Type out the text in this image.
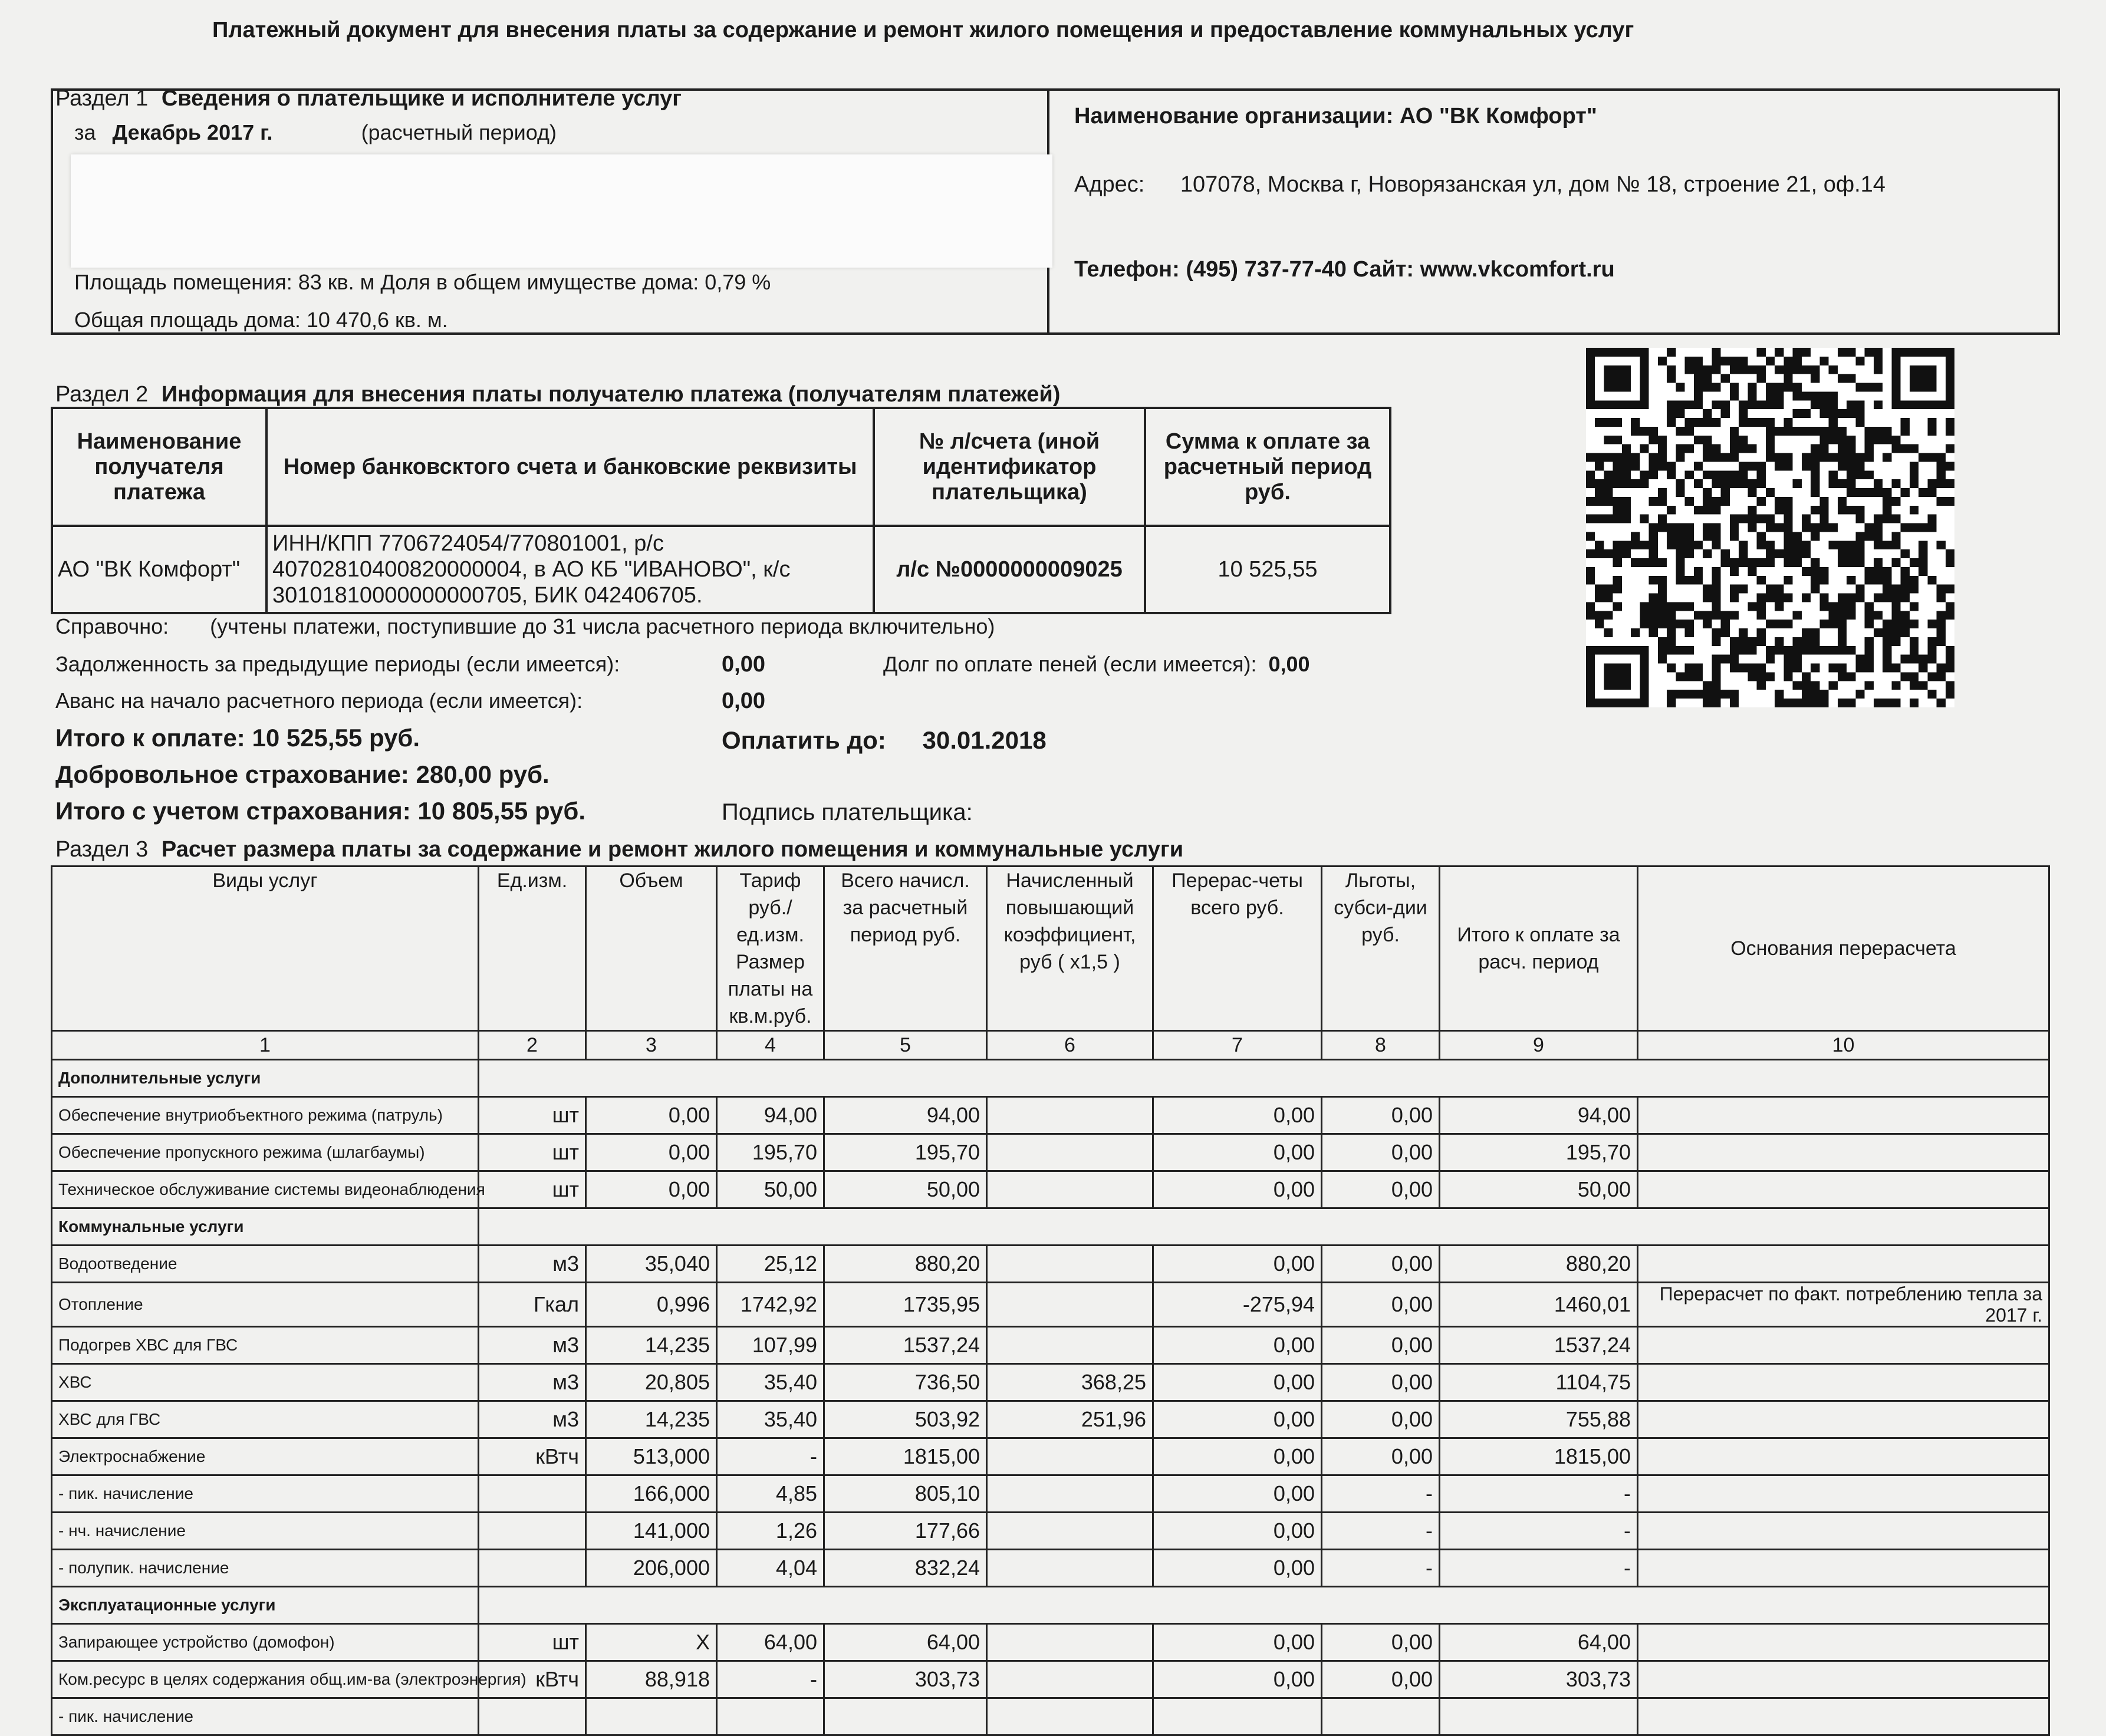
Платежный документ для внесения платы за содержание и ремонт жилого помещения и предоставление коммунальных услуг
Раздел 1 Сведения о плательщике и исполнителе услуг
за Декабрь 2017 г.	(расчетный период)
Площадь помещения: 83 кв. м Доля в общем имуществе дома: 0,79 %
Общая площадь дома: 10 470,6 кв. м.
Наименование организации: АО "ВК Комфорт"
Адрес: 107078, Москва г, Новорязанская ул, дом № 18, строение 21, оф.14
Телефон: (495) 737-77-40 Сайт: www.vkcomfort.ru
Раздел 2 Информация для внесения платы получателю платежа (получателям платежей)
Наименование получателя платежа	Номер банковсктого счета и банковские реквизиты	№ л/счета (иной идентификатор плательщика)	Сумма к оплате за расчетный период руб.
АО "ВК Комфорт"	ИНН/КПП 7706724054/770801001, р/с 40702810400820000004, в АО КБ "ИВАНОВО", к/с 30101810000000000705, БИК 042406705.	л/с №0000000009025	10 525,55
Справочно: (учтены платежи, поступившие до 31 числа расчетного периода включительно)
Задолженность за предыдущие периоды (если имеется):	0,00	Долг по оплате пеней (если имеется): 0,00
Аванс на начало расчетного периода (если имеется):	0,00
Итого к оплате: 10 525,55 руб.	Оплатить до: 30.01.2018
Добровольное страхование: 280,00 руб.
Итого с учетом страхования: 10 805,55 руб.	Подпись плательщика:
Раздел 3 Расчет размера платы за содержание и ремонт жилого помещения и коммунальные услуги
Виды услуг	Ед.изм.	Объем	Тариф руб./ед.изм. Размер платы на кв.м.руб.	Всего начисл. за расчетный период руб.	Начисленный повышающий коэффициент, руб ( х1,5 )	Перерас-четы всего руб.	Льготы, субси-дии руб.	Итого к оплате за расч. период	Основания перерасчета
1	2	3	4	5	6	7	8	9	10
Дополнительные услуги									
Обеспечение внутриобъектного режима (патруль)	шт	0,00	94,00	94,00		0,00	0,00	94,00	
Обеспечение пропускного режима (шлагбаумы)	шт	0,00	195,70	195,70		0,00	0,00	195,70	
Техническое обслуживание системы видеонаблюдения	шт	0,00	50,00	50,00		0,00	0,00	50,00	
Коммунальные услуги									
Водоотведение	м3	35,040	25,12	880,20		0,00	0,00	880,20	
Отопление	Гкал	0,996	1742,92	1735,95		-275,94	0,00	1460,01	Перерасчет по факт. потреблению тепла за 2017 г.
Подогрев ХВС для ГВС	м3	14,235	107,99	1537,24		0,00	0,00	1537,24	
ХВС	м3	20,805	35,40	736,50	368,25	0,00	0,00	1104,75	
ХВС для ГВС	м3	14,235	35,40	503,92	251,96	0,00	0,00	755,88	
Электроснабжение	кВтч	513,000	-	1815,00		0,00	0,00	1815,00	
- пик. начисление		166,000	4,85	805,10		0,00	-	-	
- нч. начисление		141,000	1,26	177,66		0,00	-	-	
- полупик. начисление		206,000	4,04	832,24		0,00	-	-	
Эксплуатационные услуги									
Запирающее устройство (домофон)	шт	Х	64,00	64,00		0,00	0,00	64,00	
Ком.ресурс в целях содержания общ.им-ва (электроэнергия)	кВтч	88,918	-	303,73		0,00	0,00	303,73	
- пик. начисление									
